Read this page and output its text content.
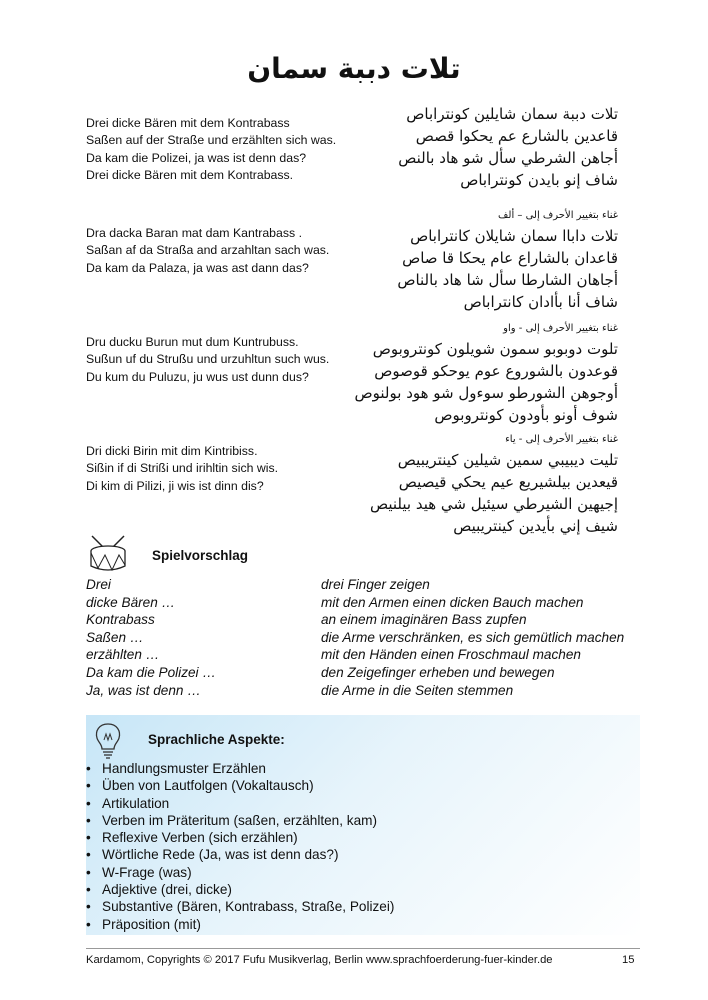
تلات دببة سمان
Drei dicke Bären mit dem Kontrabass
Saßen auf der Straße und erzählten sich was.
Da kam die Polizei, ja was ist denn das?
Drei dicke Bären mit dem Kontrabass.
تلات دببة سمان شايلين كونتراباص
قاعدين بالشارع عم يحكوا قصص
أجاهن الشرطي سأل شو هاد بالنص
شاف إنو بايدن كونتراباص
Dra dacka Baran mat dam Kantrabass .
Saßan af da Straßa and arzahltan sach was.
Da kam da Palaza, ja was ast dann das?
غناء بتغيير الأحرف إلى – ألف
تلات داباا سمان شايلان كانتراباص
قاعدان بالشاراع عام يحكا قا صاص
أجاهان الشارطا سأل شا هاد بالناص
شاف أنا بأادان كانتراباص
Dru ducku Burun mut dum Kuntrubuss.
Sußun uf du Strußu und urzuhltun such wus.
Du kum du Puluzu, ju wus ust dunn dus?
غناء بتغيير الأحرف إلى - واو
تلوت دوبوبو سمون شويلون كونتروبوص
قوعدون بالشوروع عوم يوحكو قوصوص
أوجوهن الشورطو سوءول شو هود بولنوص
شوف أونو بأودون كونتروبوص
Dri dicki Birin mit dim Kintribiss.
Sißin if di Strißi und irihltin sich wis.
Di kim di Pilizi, ji wis ist dinn dis?
غناء بتغيير الأحرف إلى - ياء
تليت ديبيبي سمين شيلين كينتريبيص
قيعدين بيلشيريع عيم يحكي قيصيص
إجيهين الشيرطي سيئيل شي هيد بيلنيص
شيف إني بأيدين كينتريبيص
Spielvorschlag
Drei	drei Finger zeigen
dicke Bären …	mit den Armen einen dicken Bauch machen
Kontrabass	an einem imaginären Bass zupfen
Saßen …	die Arme verschränken, es sich gemütlich machen
erzählten …	mit den Händen einen Froschmaul machen
Da kam die Polizei …	den Zeigefinger erheben und bewegen
Ja, was ist denn …	die Arme in die Seiten stemmen
Sprachliche Aspekte:
• Handlungsmuster Erzählen
• Üben von Lautfolgen (Vokaltausch)
• Artikulation
• Verben im Präteritum (saßen, erzählten, kam)
• Reflexive Verben (sich erzählen)
• Wörtliche Rede (Ja, was ist denn das?)
• W-Frage (was)
• Adjektive (drei, dicke)
• Substantive (Bären, Kontrabass, Straße, Polizei)
• Präposition (mit)
Kardamom, Copyrights © 2017 Fufu Musikverlag, Berlin www.sprachfoerderung-fuer-kinder.de	15
